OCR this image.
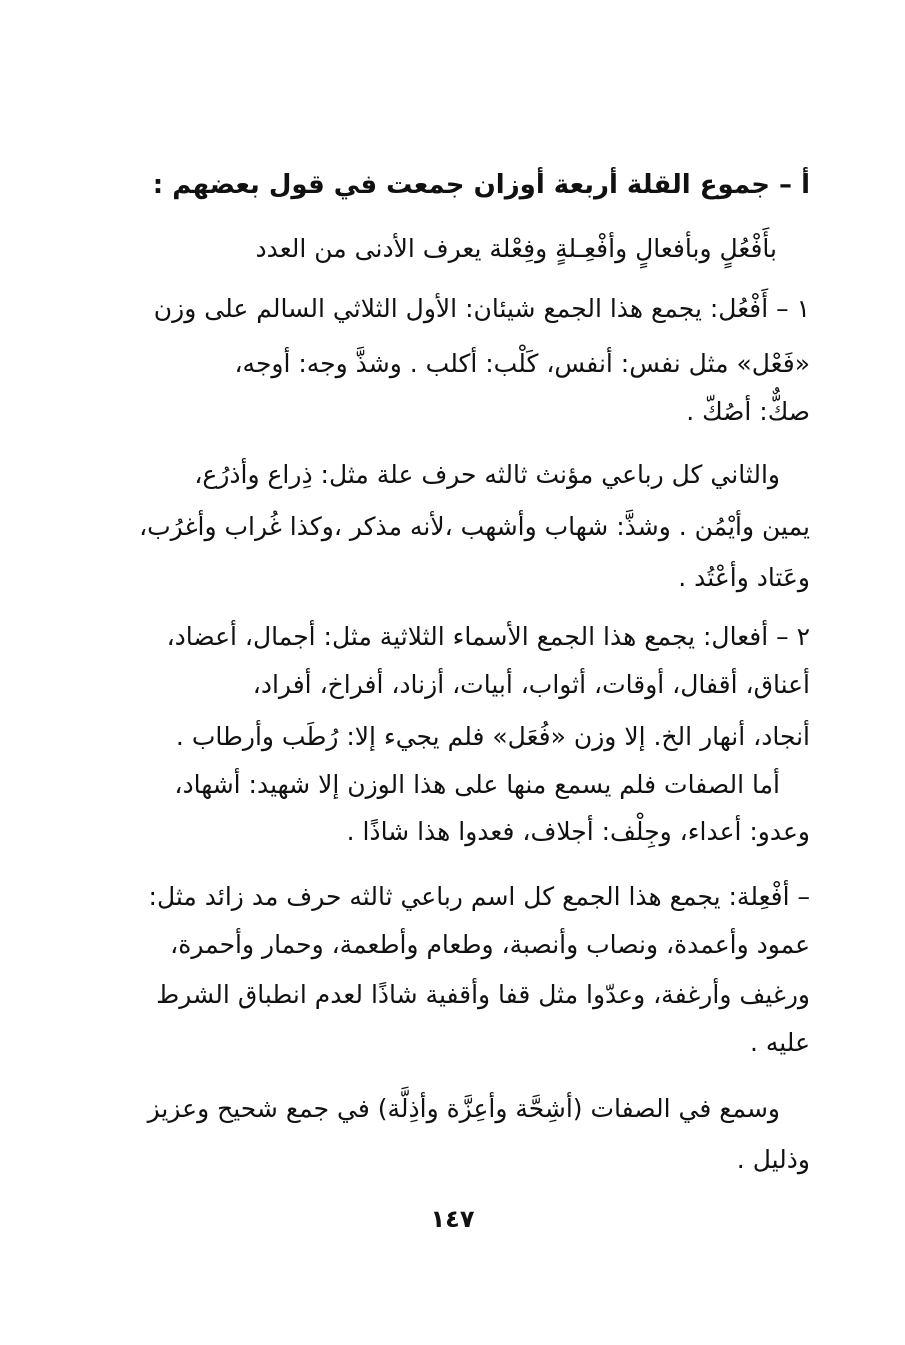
أ – جموع القلة أربعة أوزان جمعت في قول بعضهم :
بأَفْعُلٍ وبأفعالٍ وأفْعِـلةٍ وفِعْلة يعرف الأدنى من العدد
١ – أَفْعُل: يجمع هذا الجمع شيئان: الأول الثلاثي السالم على وزن
«فَعْل» مثل نفس: أنفس، كَلْب: أكلب . وشذَّ وجه: أوجه،
صكٌّ: أصُكّ .
والثاني كل رباعي مؤنث ثالثه حرف علة مثل: ذِراع وأذرُع،
يمين وأيْمُن . وشذَّ: شهاب وأشهب ،لأنه مذكر ،وكذا غُراب وأغرُب،
وعَتاد وأعْتُد .
٢ – أفعال: يجمع هذا الجمع الأسماء الثلاثية مثل: أجمال، أعضاد،
أعناق، أقفال، أوقات، أثواب، أبيات، أزناد، أفراخ، أفراد،
أنجاد، أنهار الخ. إلا وزن «فُعَل» فلم يجيء إلا: رُطَب وأرطاب .
أما الصفات فلم يسمع منها على هذا الوزن إلا شهيد: أشهاد،
وعدو: أعداء، وجِلْف: أجلاف، فعدوا هذا شاذًا .
– أفْعِلة: يجمع هذا الجمع كل اسم رباعي ثالثه حرف مد زائد مثل:
عمود وأعمدة، ونصاب وأنصبة، وطعام وأطعمة، وحمار وأحمرة،
ورغيف وأرغفة، وعدّوا مثل قفا وأقفية شاذًا لعدم انطباق الشرط
عليه .
وسمع في الصفات (أشِحَّة وأعِزَّة وأذِلَّة) في جمع شحيح وعزيز
وذليل .
١٤٧
